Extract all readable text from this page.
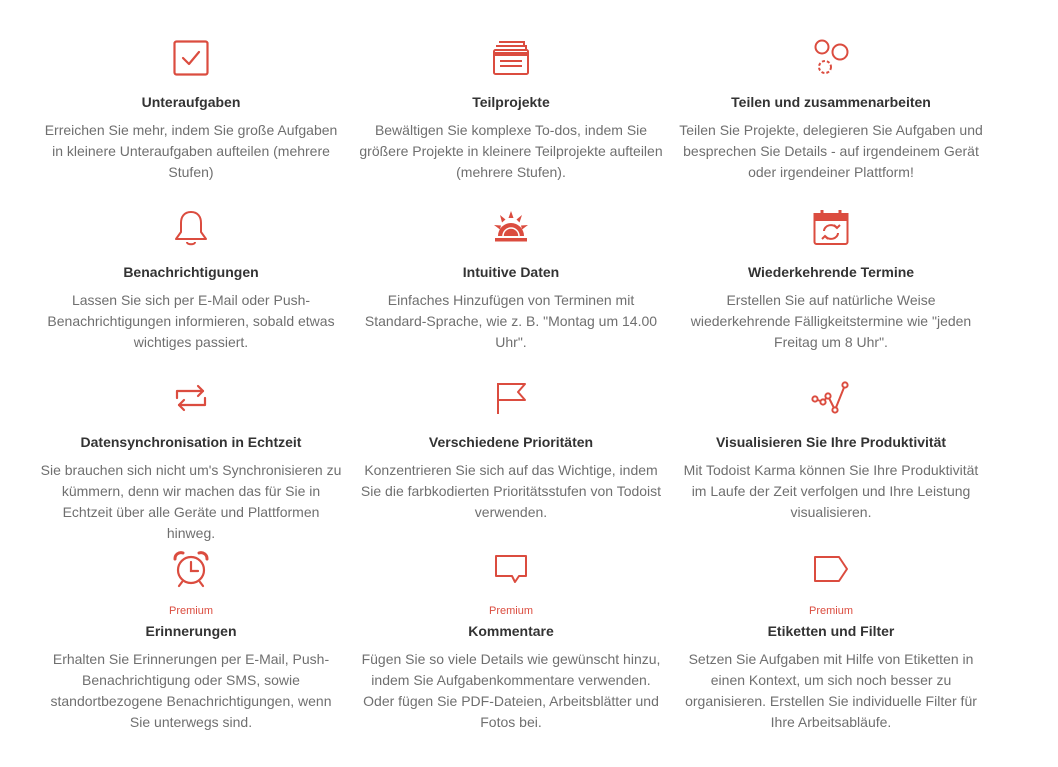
Unteraufgaben
Erreichen Sie mehr, indem Sie große Aufgaben in kleinere Unteraufgaben aufteilen (mehrere Stufen)
Teilprojekte
Bewältigen Sie komplexe To-dos, indem Sie größere Projekte in kleinere Teilprojekte aufteilen (mehrere Stufen).
Teilen und zusammenarbeiten
Teilen Sie Projekte, delegieren Sie Aufgaben und besprechen Sie Details - auf irgendeinem Gerät oder irgendeiner Plattform!
Benachrichtigungen
Lassen Sie sich per E-Mail oder Push-Benachrichtigungen informieren, sobald etwas wichtiges passiert.
Intuitive Daten
Einfaches Hinzufügen von Terminen mit Standard-Sprache, wie z. B. "Montag um 14.00 Uhr".
Wiederkehrende Termine
Erstellen Sie auf natürliche Weise wiederkehrende Fälligkeitstermine wie "jeden Freitag um 8 Uhr".
Datensynchronisation in Echtzeit
Sie brauchen sich nicht um's Synchronisieren zu kümmern, denn wir machen das für Sie in Echtzeit über alle Geräte und Plattformen hinweg.
Verschiedene Prioritäten
Konzentrieren Sie sich auf das Wichtige, indem Sie die farbkodierten Prioritätsstufen von Todoist verwenden.
Visualisieren Sie Ihre Produktivität
Mit Todoist Karma können Sie Ihre Produktivität im Laufe der Zeit verfolgen und Ihre Leistung visualisieren.
Premium
Erinnerungen
Erhalten Sie Erinnerungen per E-Mail, Push-Benachrichtigung oder SMS, sowie standortbezogene Benachrichtigungen, wenn Sie unterwegs sind.
Premium
Kommentare
Fügen Sie so viele Details wie gewünscht hinzu, indem Sie Aufgabenkommentare verwenden. Oder fügen Sie PDF-Dateien, Arbeitsblätter und Fotos bei.
Premium
Etiketten und Filter
Setzen Sie Aufgaben mit Hilfe von Etiketten in einen Kontext, um sich noch besser zu organisieren. Erstellen Sie individuelle Filter für Ihre Arbeitsabläufe.
